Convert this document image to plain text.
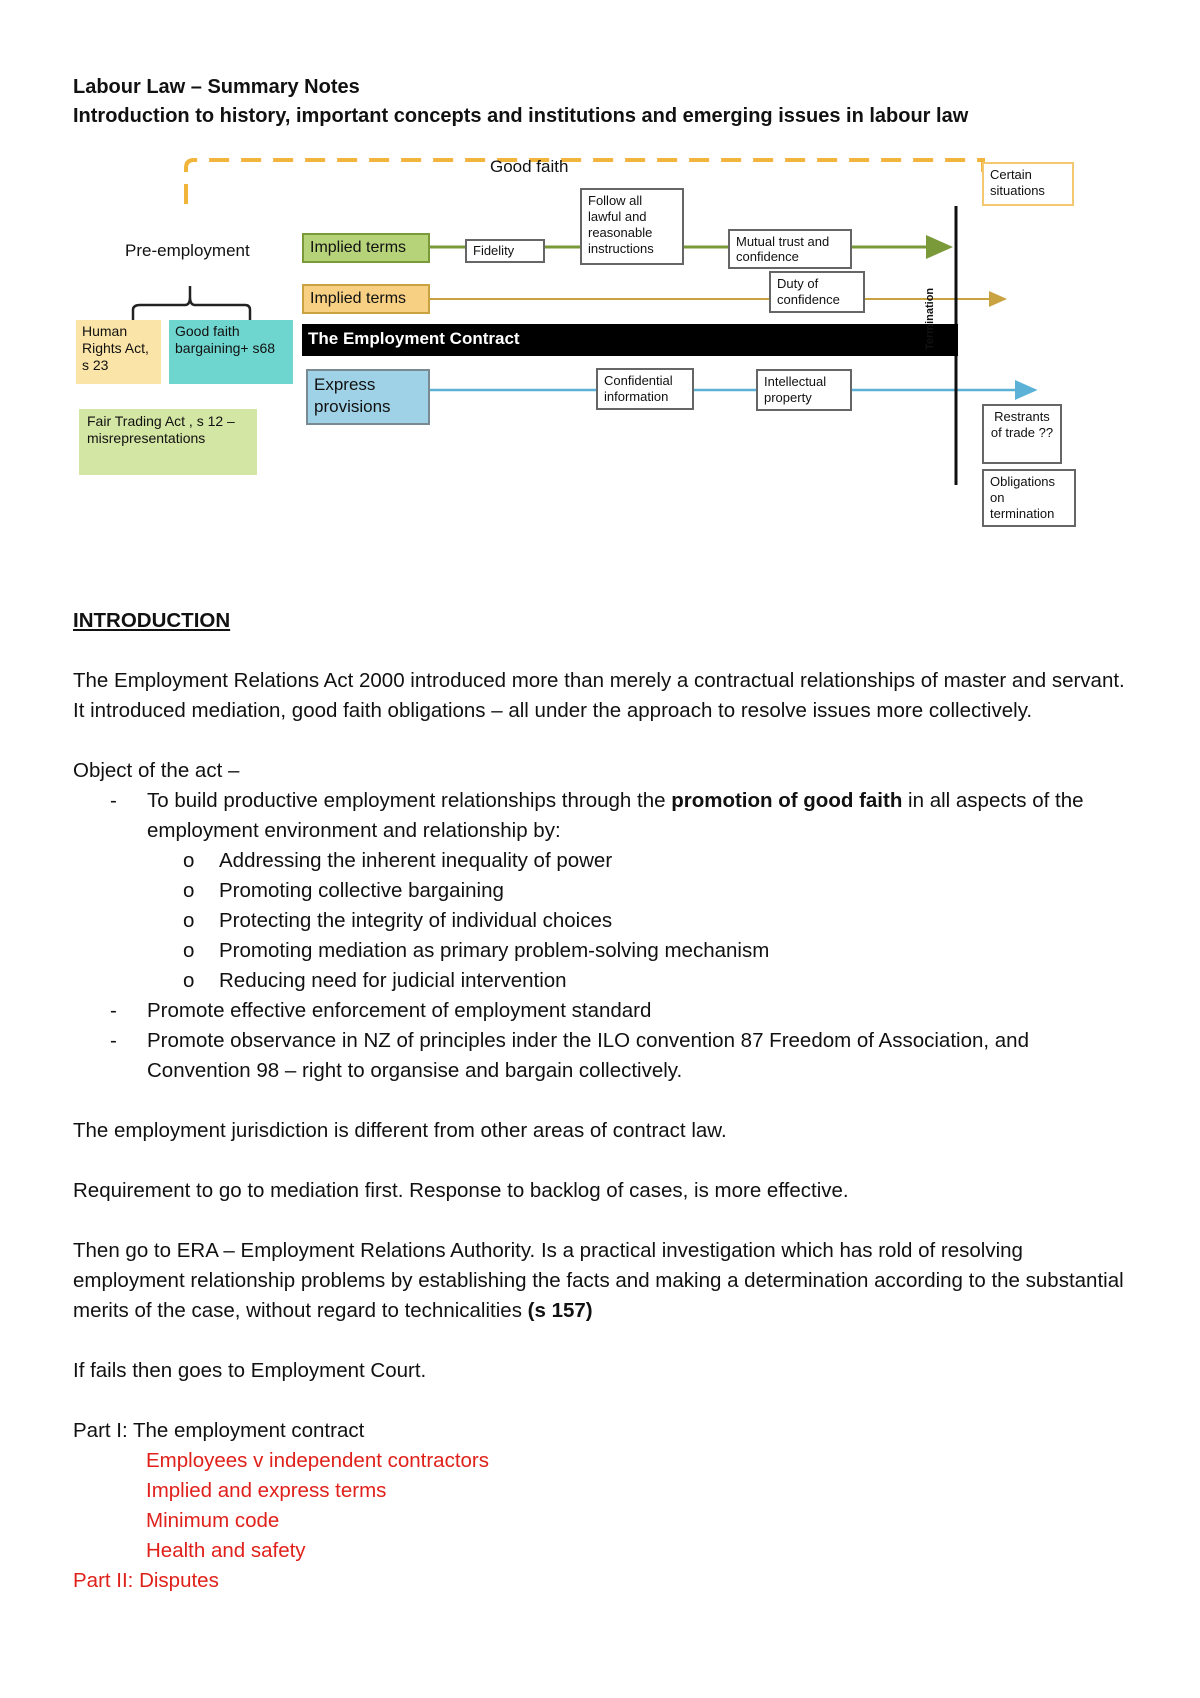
Labour Law – Summary Notes
Introduction to history, important concepts and institutions and emerging issues in labour law
Good faith	Certain situations
Pre-employment
Human Rights Act, s 23
Good faith bargaining+ s68
Fair Trading Act , s 12 – misrepresentations
Implied terms	Fidelity
Follow all lawful and reasonable instructions	Mutual trust and confidence
Implied terms
Duty of confidence
The Employment Contract	Termination
Express provisions
Confidential information
Intellectual property
Restrants of trade ??
Obligations on termination

INTRODUCTION

The Employment Relations Act 2000 introduced more than merely a contractual relationships of master and servant. It introduced mediation, good faith obligations – all under the approach to resolve issues more collectively.

Object of the act –

- To build productive employment relationships through the promotion of good faith in all aspects of the employment environment and relationship by:
o Addressing the inherent inequality of power
o Promoting collective bargaining
o Protecting the integrity of individual choices
o Promoting mediation as primary problem-solving mechanism
o Reducing need for judicial intervention
- Promote effective enforcement of employment standard
- Promote observance in NZ of principles inder the ILO convention 87 Freedom of Association, and Convention 98 – right to organsise and bargain collectively.

The employment jurisdiction is different from other areas of contract law.

Requirement to go to mediation first. Response to backlog of cases, is more effective.

Then go to ERA – Employment Relations Authority. Is a practical investigation which has rold of resolving employment relationship problems by establishing the facts and making a determination according to the substantial merits of the case, without regard to technicalities (s 157)

If fails then goes to Employment Court.

Part I: The employment contract

Employees v independent contractors
Implied and express terms
Minimum code
Health and safety
Part II: Disputes
